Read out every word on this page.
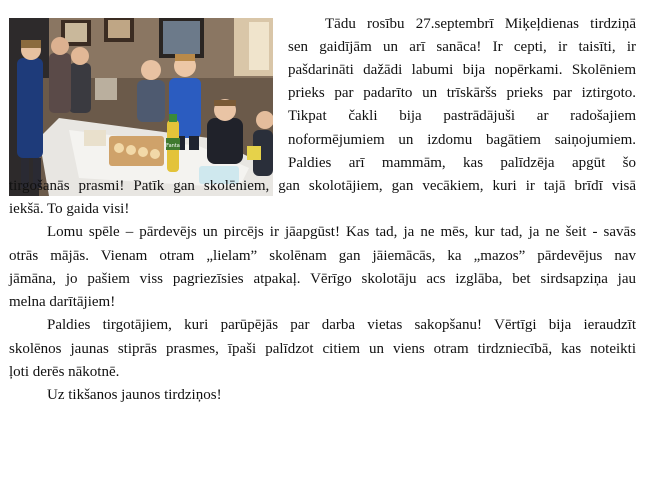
Fanta
Tādu rosību 27.septembrī Miķeļdienas tirdziņā
sen gaidījām un arī sanāca! Ir cepti, ir taisīti, ir
pašdarināti dažādi labumi bija nopērkami. Skolēniem
prieks par padarīto un trīskāršs prieks par iztirgoto.
Tikpat čakli bija pastrādājuši ar radošajiem
noformējumiem un izdomu bagātiem saiņojumiem.
Paldies arī mammām, kas palīdzēja apgūt šo
tirgošanās prasmi! Patīk gan skolēniem, gan skolotājiem, gan vecākiem, kuri ir tajā brīdī visā
iekšā. To gaida visi!
Lomu spēle – pārdevējs un pircējs ir jāapgūst! Kas tad, ja ne mēs, kur tad, ja ne šeit - savās
otrās mājās. Vienam otram „lielam” skolēnam gan jāiemācās, ka „mazos” pārdevējus nav
jāmāna, jo pašiem viss pagriezīsies atpakaļ. Vērīgo skolotāju acs izglāba, bet sirdsapziņa jau
melna darītājiem!
Paldies tirgotājiem, kuri parūpējās par darba vietas sakopšanu! Vērtīgi bija ieraudzīt
skolēnos jaunas stiprās prasmes, īpaši palīdzot citiem un viens otram tirdzniecībā, kas noteikti
ļoti derēs nākotnē.
Uz tikšanos jaunos tirdziņos!
